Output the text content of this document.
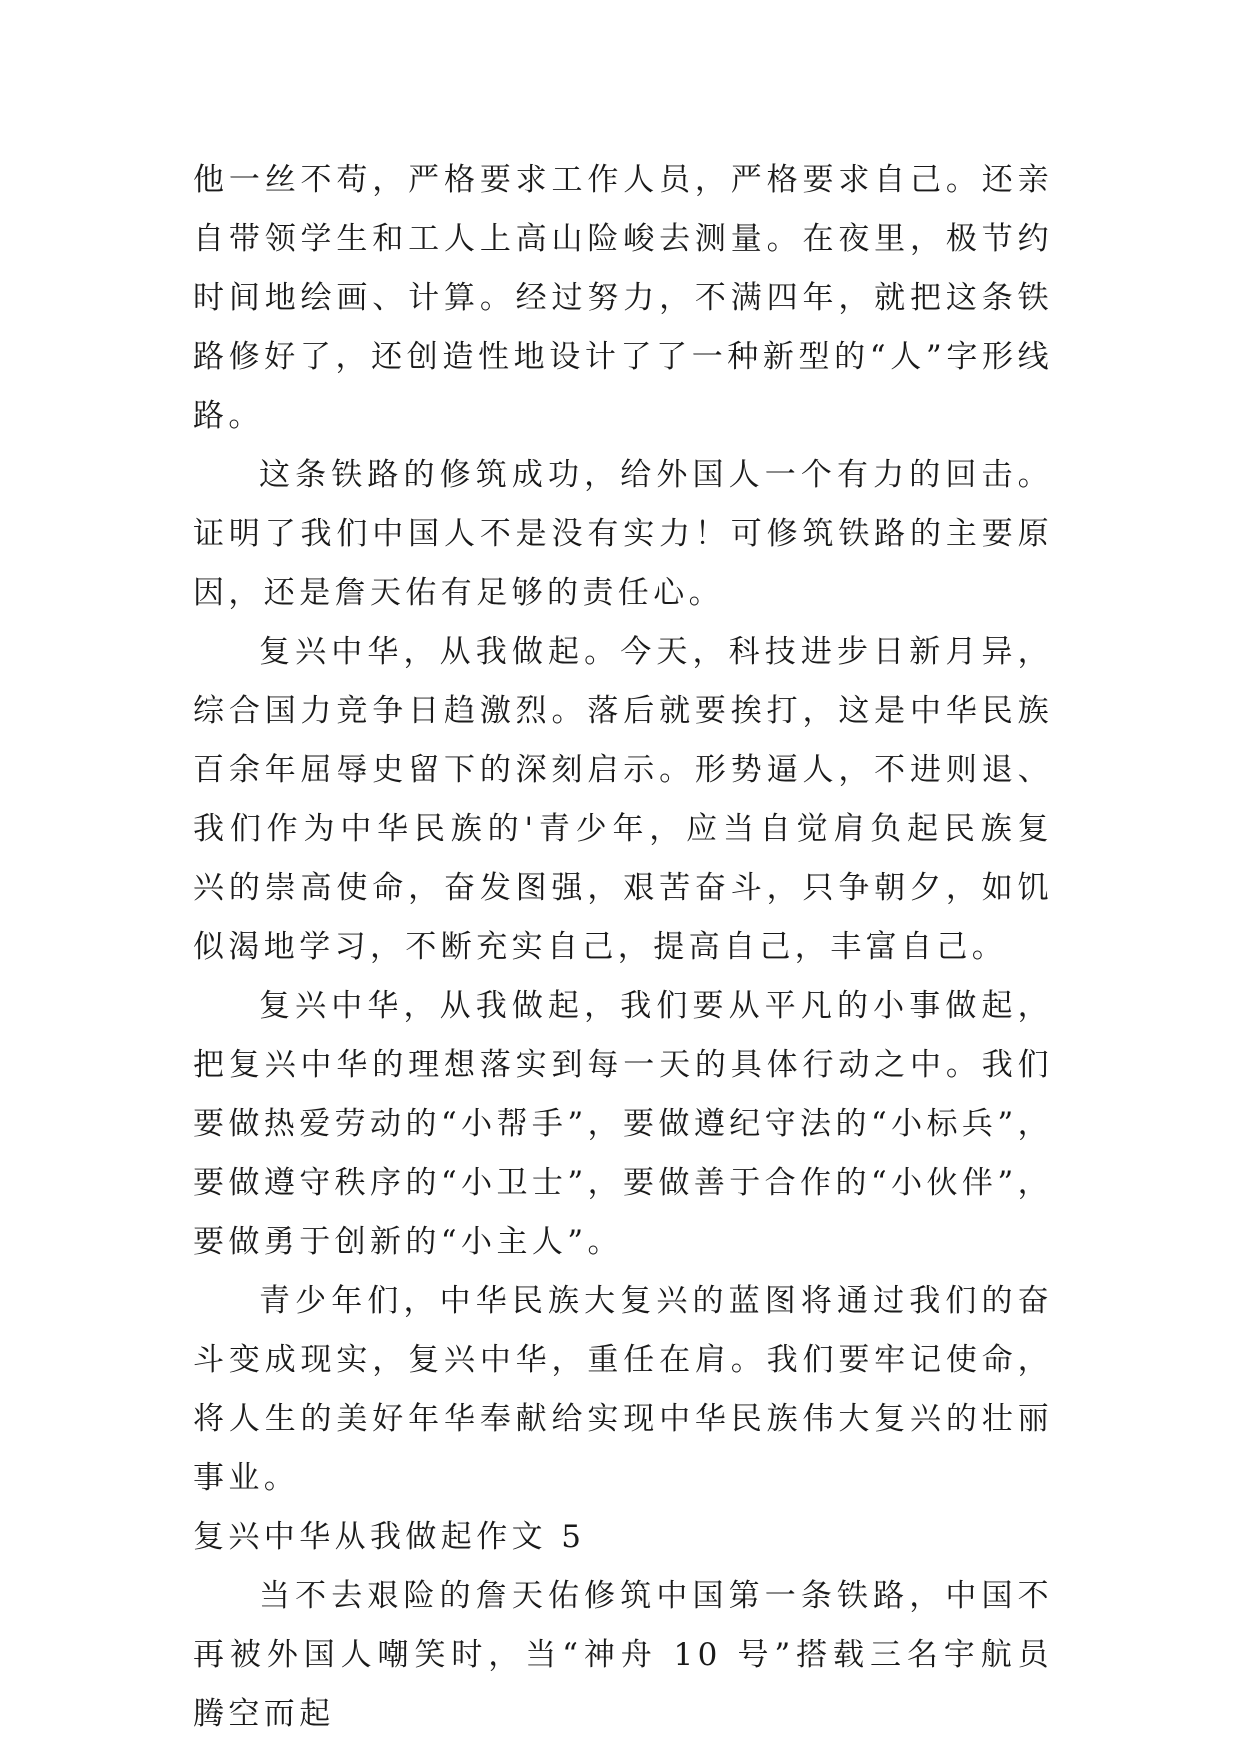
他一丝不苟，严格要求工作人员，严格要求自己。还亲自带领学生和工人上高山险峻去测量。在夜里，极节约时间地绘画、计算。经过努力，不满四年，就把这条铁路修好了，还创造性地设计了了一种新型的“人”字形线路。

这条铁路的修筑成功，给外国人一个有力的回击。证明了我们中国人不是没有实力！可修筑铁路的主要原因，还是詹天佑有足够的责任心。

复兴中华，从我做起。今天，科技进步日新月异，综合国力竞争日趋激烈。落后就要挨打，这是中华民族百余年屈辱史留下的深刻启示。形势逼人，不进则退、我们作为中华民族的'青少年，应当自觉肩负起民族复兴的崇高使命，奋发图强，艰苦奋斗，只争朝夕，如饥似渴地学习，不断充实自己，提高自己，丰富自己。

复兴中华，从我做起，我们要从平凡的小事做起，把复兴中华的理想落实到每一天的具体行动之中。我们要做热爱劳动的“小帮手”，要做遵纪守法的“小标兵”，要做遵守秩序的“小卫士”，要做善于合作的“小伙伴”，要做勇于创新的“小主人”。

青少年们，中华民族大复兴的蓝图将通过我们的奋斗变成现实，复兴中华，重任在肩。我们要牢记使命，将人生的美好年华奉献给实现中华民族伟大复兴的壮丽事业。

复兴中华从我做起作文 5

当不去艰险的詹天佑修筑中国第一条铁路，中国不再被外国人嘲笑时，当“神舟 10 号”搭载三名宇航员腾空而起
